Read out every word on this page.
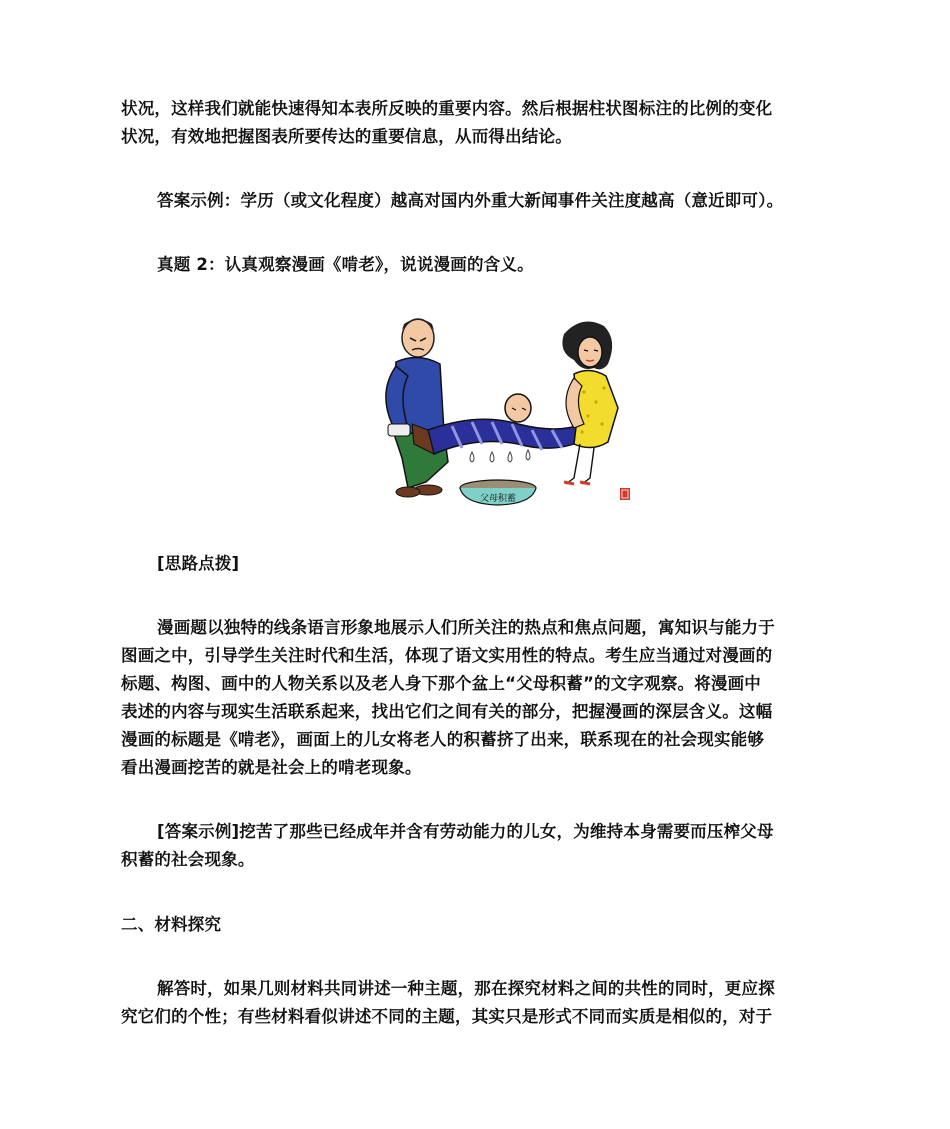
状况，这样我们就能快速得知本表所反映的重要内容。然后根据柱状图标注的比例的变化
状况，有效地把握图表所要传达的重要信息，从而得出结论。
答案示例：学历（或文化程度）越高对国内外重大新闻事件关注度越高（意近即可）。
真题 2：认真观察漫画《啃老》，说说漫画的含义。
父母积蓄
[思路点拨]
漫画题以独特的线条语言形象地展示人们所关注的热点和焦点问题，寓知识与能力于
图画之中，引导学生关注时代和生活，体现了语文实用性的特点。考生应当通过对漫画的
标题、构图、画中的人物关系以及老人身下那个盆上“父母积蓄”的文字观察。将漫画中
表述的内容与现实生活联系起来，找出它们之间有关的部分，把握漫画的深层含义。这幅
漫画的标题是《啃老》，画面上的儿女将老人的积蓄挤了出来，联系现在的社会现实能够
看出漫画挖苦的就是社会上的啃老现象。
[答案示例]挖苦了那些已经成年并含有劳动能力的儿女，为维持本身需要而压榨父母
积蓄的社会现象。
二、材料探究
解答时，如果几则材料共同讲述一种主题，那在探究材料之间的共性的同时，更应探
究它们的个性；有些材料看似讲述不同的主题，其实只是形式不同而实质是相似的，对于
